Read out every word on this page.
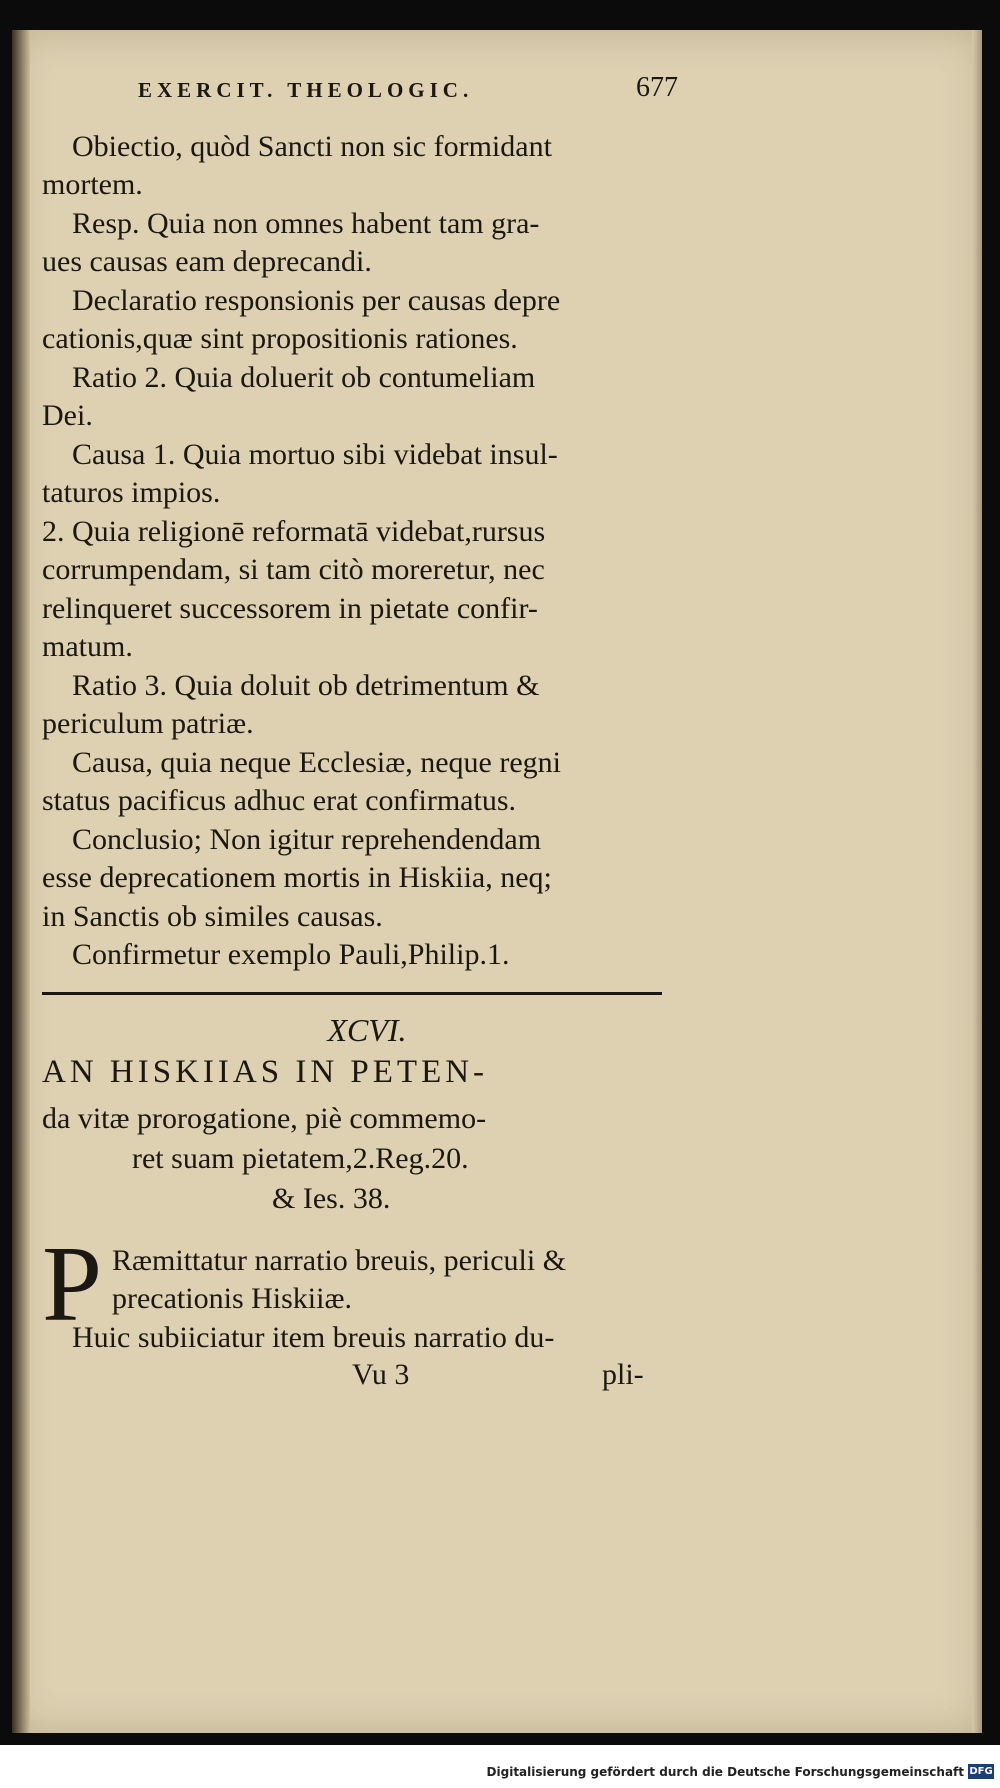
EXERCIT. THEOLOGIC.	677
Obiectio, quòd Sancti non sic formidant
mortem.
Resp. Quia non omnes habent tam gra-
ues causas eam deprecandi.
Declaratio responsionis per causas depre
cationis,quæ sint propositionis rationes.
Ratio 2. Quia doluerit ob contumeliam
Dei.
Causa 1. Quia mortuo sibi videbat insul-
taturos impios.
2. Quia religionē reformatā videbat,rursus
corrumpendam, si tam citò moreretur, nec
relinqueret successorem in pietate confir-
matum.
Ratio 3. Quia doluit ob detrimentum &
periculum patriæ.
Causa, quia neque Ecclesiæ, neque regni
status pacificus adhuc erat confirmatus.
Conclusio; Non igitur reprehendendam
esse deprecationem mortis in Hiskiia, neq;
in Sanctis ob similes causas.
Confirmetur exemplo Pauli,Philip.1.
XCVI.
AN HISKIIAS IN PETEN-
da vitæ prorogatione, piè commemo-
ret suam pietatem,2.Reg.20.
& Ies. 38.
P Ræmittatur narratio breuis, periculi &
precationis Hiskiiæ.
Huic subiiciatur item breuis narratio du-
Vu 3	pli-
Digitalisierung gefördert durch die Deutsche Forschungsgemeinschaft DFG
